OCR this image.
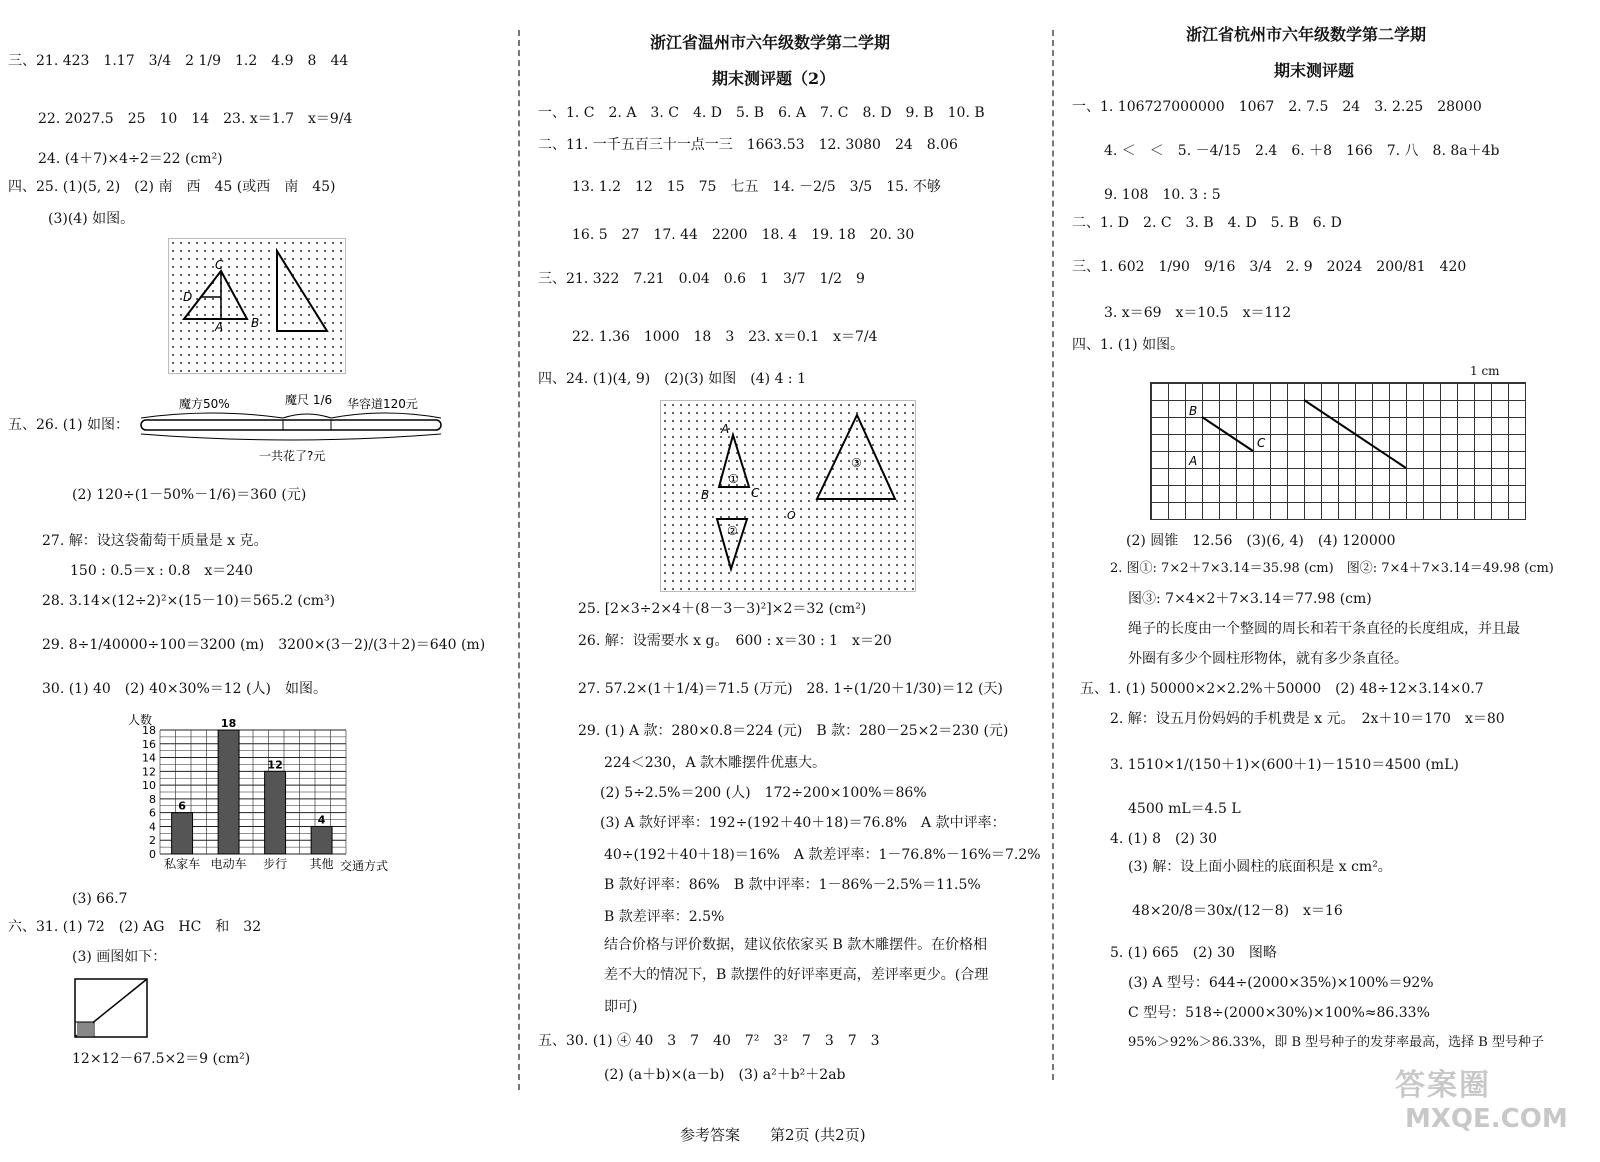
三、21. 423　1.17　3/4　2 1/9　1.2　4.9　8　44
22. 2027.5　25　10　14　23. x＝1.7　x＝9/4
24. (4＋7)×4÷2＝22 (cm²)
四、25. (1)(5, 2)　(2) 南　西　45 (或西　南　45)
(3)(4) 如图。
C
D
A B
五、26. (1) 如图：
魔方50%	魔尺 1/6 华容道120元
一共花了?元
(2) 120÷(1－50%－1/6)＝360 (元)
27. 解：设这袋葡萄干质量是 x 克。
150 : 0.5＝x : 0.8　x＝240
28. 3.14×(12÷2)²×(15－10)＝565.2 (cm³)
29. 8÷1/40000÷100＝3200 (m)　3200×(3－2)/(3＋2)＝640 (m)
30. (1) 40　(2) 40×30%＝12 (人)　如图。
人数
交通方式
0
2
4
6
8
10
12
14
16
18
6
私家车
18
电动车
12
步行
4
其他
(3) 66.7
六、31. (1) 72　(2) AG　HC　和　32
(3) 画图如下：
12×12－67.5×2＝9 (cm²)
浙江省温州市六年级数学第二学期
期末测评题（2）
一、1. C　2. A　3. C　4. D　5. B　6. A　7. C　8. D　9. B　10. B
二、11. 一千五百三十一点一三　1663.53　12. 3080　24　8.06
13. 1.2　12　15　75　七五　14. －2/5　3/5　15. 不够
16. 5　27　17. 44　2200　18. 4　19. 18　20. 30
三、21. 322　7.21　0.04　0.6　1　3/7　1/2　9
22. 1.36　1000　18　3　23. x＝0.1　x＝7/4
四、24. (1)(4, 9)　(2)(3) 如图　(4) 4 : 1
A
B	C
①
②
③
O
25. [2×3÷2×4＋(8－3－3)²]×2＝32 (cm²)
26. 解：设需要水 x g。　600 : x＝30 : 1　x＝20
27. 57.2×(1＋1/4)＝71.5 (万元)　28. 1÷(1/20＋1/30)＝12 (天)
29. (1) A 款：280×0.8＝224 (元)　B 款：280－25×2＝230 (元)
224＜230，A 款木雕摆件优惠大。
(2) 5÷2.5%＝200 (人)　172÷200×100%＝86%
(3) A 款好评率：192÷(192＋40＋18)＝76.8%　A 款中评率：
40÷(192＋40＋18)＝16%　A 款差评率：1－76.8%－16%＝7.2%
B 款好评率：86%　B 款中评率：1－86%－2.5%＝11.5%
B 款差评率：2.5%
结合价格与评价数据，建议依依家买 B 款木雕摆件。在价格相
差不大的情况下，B 款摆件的好评率更高，差评率更少。(合理
即可)
五、30. (1) ④ 40　3　7　40　7²　3²　7　3　7　3
(2) (a＋b)×(a－b)　(3) a²＋b²＋2ab
浙江省杭州市六年级数学第二学期
期末测评题
一、1. 106727000000　1067　2. 7.5　24　3. 2.25　28000
4. ＜　＜　5. －4/15　2.4　6. ＋8　166　7. 八　8. 8a＋4b
9. 108　10. 3 : 5
二、1. D　2. C　3. B　4. D　5. B　6. D
三、1. 602　1/90　9/16　3/4　2. 9　2024　200/81　420
3. x＝69　x＝10.5　x＝112
四、1. (1) 如图。
1 cm
B
C
A
(2) 圆锥　12.56　(3)(6, 4)　(4) 120000
2. 图①: 7×2＋7×3.14＝35.98 (cm)　图②: 7×4＋7×3.14＝49.98 (cm)
图③: 7×4×2＋7×3.14＝77.98 (cm)
绳子的长度由一个整圆的周长和若干条直径的长度组成，并且最
外圈有多少个圆柱形物体，就有多少条直径。
五、1. (1) 50000×2×2.2%＋50000　(2) 48÷12×3.14×0.7
2. 解：设五月份妈妈的手机费是 x 元。　2x＋10＝170　x＝80
3. 1510×1/(150＋1)×(600＋1)－1510＝4500 (mL)
4500 mL＝4.5 L
4. (1) 8　(2) 30
(3) 解：设上面小圆柱的底面积是 x cm²。
48×20/8＝30x/(12－8)　x＝16
5. (1) 665　(2) 30　图略
(3) A 型号：644÷(2000×35%)×100%＝92%
C 型号：518÷(2000×30%)×100%≈86.33%
95%＞92%＞86.33%，即 B 型号种子的发芽率最高，选择 B 型号种子
参考答案　　第2页 (共2页)
答案圈
MXQE.COM
